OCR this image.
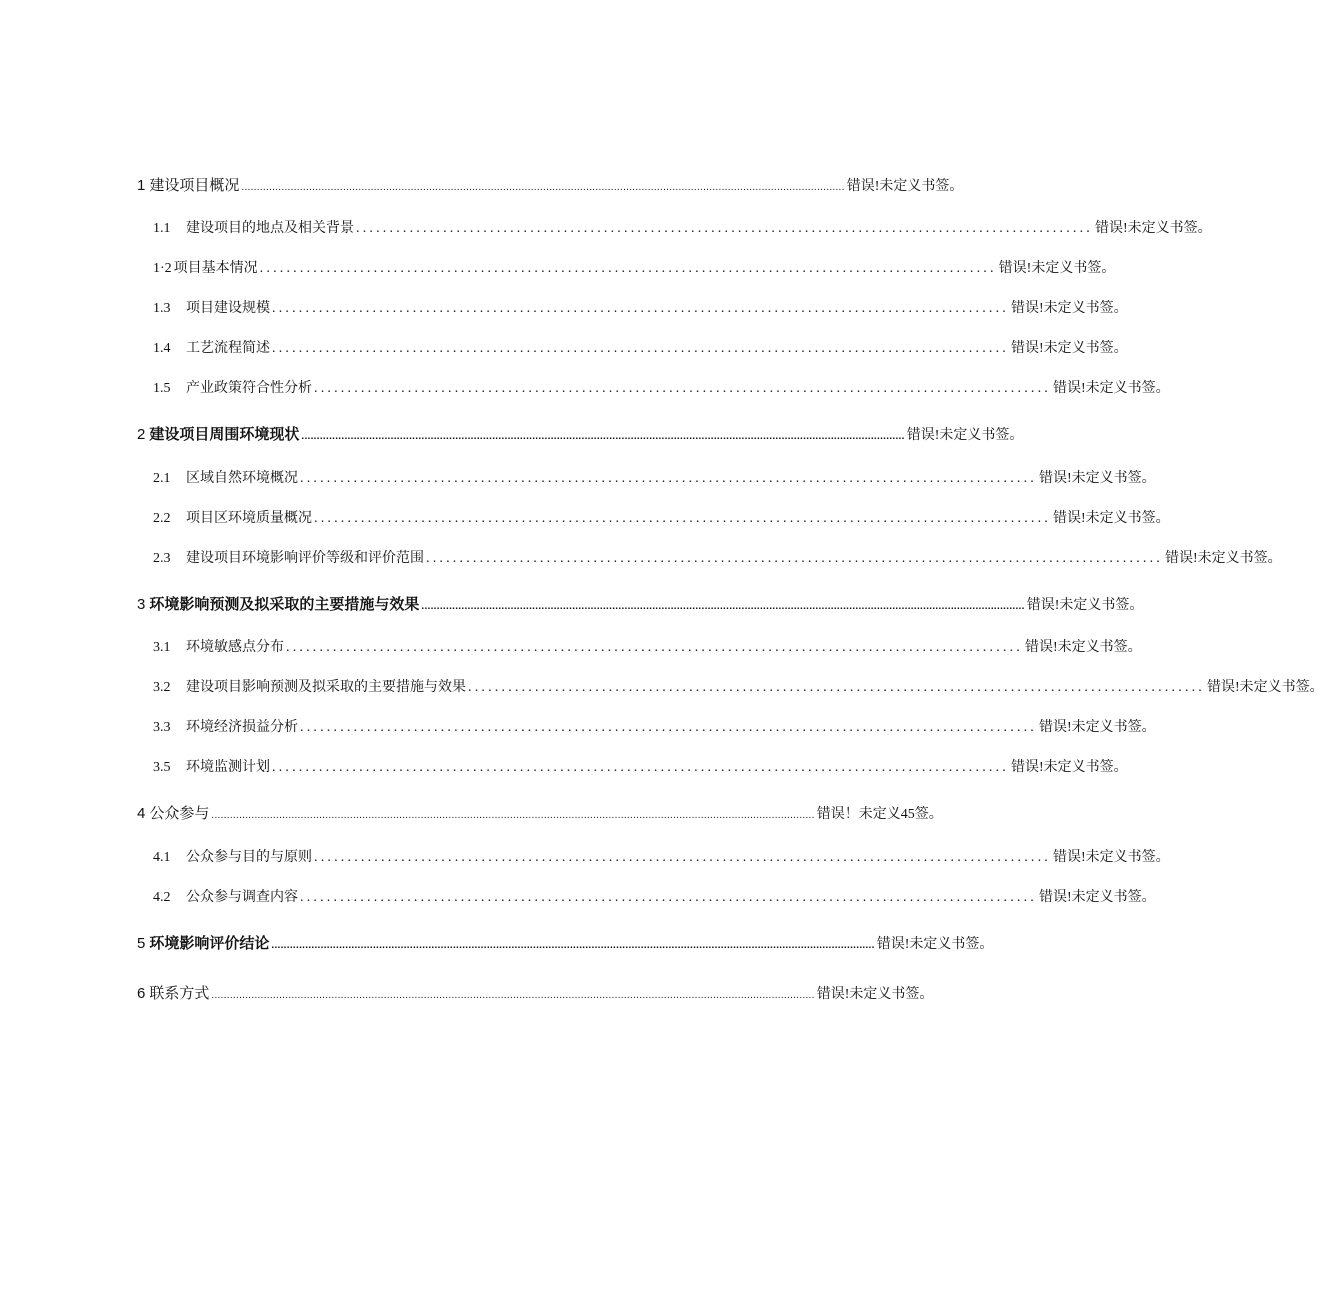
1 建设项目概况 .................................................................................................................................................................................................... 错误!未定义书签。
1.1	建设项目的地点及相关背景 .............................................................................................................. 错误!未定义书签。
1·2 项目基本情况 .............................................................................................................. 错误!未定义书签。
1.3	项目建设规模 .............................................................................................................. 错误!未定义书签。
1.4	工艺流程简述 .............................................................................................................. 错误!未定义书签。
1.5	产业政策符合性分析 .............................................................................................................. 错误!未定义书签。
2 建设项目周围环境现状 .................................................................................................................................................................................................... 错误!未定义书签。
2.1	区域自然环境概况 .............................................................................................................. 错误!未定义书签。
2.2	项目区环境质量概况 .............................................................................................................. 错误!未定义书签。
2.3	建设项目环境影响评价等级和评价范围 .............................................................................................................. 错误!未定义书签。
3 环境影响预测及拟采取的主要措施与效果 .................................................................................................................................................................................................... 错误!未定义书签。
3.1	环境敏感点分布 .............................................................................................................. 错误!未定义书签。
3.2	建设项目影响预测及拟采取的主要措施与效果 .............................................................................................................. 错误!未定义书签。
3.3	环境经济损益分析 .............................................................................................................. 错误!未定义书签。
3.5	环境监测计划 .............................................................................................................. 错误!未定义书签。
4 公众参与 .................................................................................................................................................................................................... 错误！未定义45签。
4.1	公众参与目的与原则 .............................................................................................................. 错误!未定义书签。
4.2	公众参与调查内容 .............................................................................................................. 错误!未定义书签。
5 环境影响评价结论 .................................................................................................................................................................................................... 错误!未定义书签。
6 联系方式 .................................................................................................................................................................................................... 错误!未定义书签。
